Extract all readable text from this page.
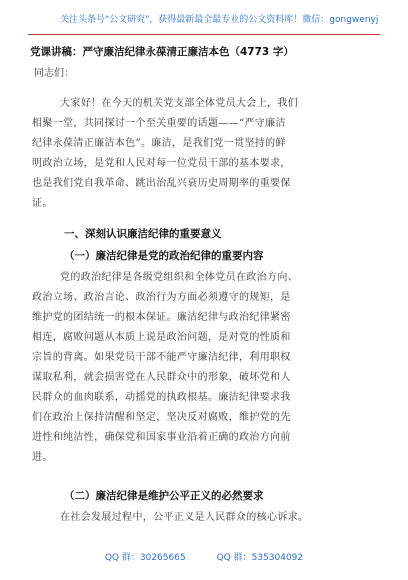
关注头条号"公文研究"，获得最新最全最专业的公文资料库！微信：gongwenyj
党课讲稿：严守廉洁纪律永葆清正廉洁本色（4773 字）
同志们：
大家好！在今天的机关党支部全体党员大会上，我们
相聚一堂，共同探讨一个至关重要的话题——“严守廉洁
纪律永葆清正廉洁本色”。廉洁，是我们党一贯坚持的鲜
明政治立场，是党和人民对每一位党员干部的基本要求，
也是我们党自我革命、跳出治乱兴衰历史周期率的重要保
证。
一、深刻认识廉洁纪律的重要意义
（一）廉洁纪律是党的政治纪律的重要内容
党的政治纪律是各级党组织和全体党员在政治方向、
政治立场、政治言论、政治行为方面必须遵守的规矩，是
维护党的团结统一的根本保证。廉洁纪律与政治纪律紧密
相连，腐败问题从本质上说是政治问题，是对党的性质和
宗旨的背离。如果党员干部不能严守廉洁纪律，利用职权
谋取私利，就会损害党在人民群众中的形象，破坏党和人
民群众的血肉联系，动摇党的执政根基。廉洁纪律要求我
们在政治上保持清醒和坚定，坚决反对腐败，维护党的先
进性和纯洁性，确保党和国家事业沿着正确的政治方向前
进。
（二）廉洁纪律是维护公平正义的必然要求
在社会发展过程中，公平正义是人民群众的核心诉求。
QQ 群：30265665	QQ 群：535304092
